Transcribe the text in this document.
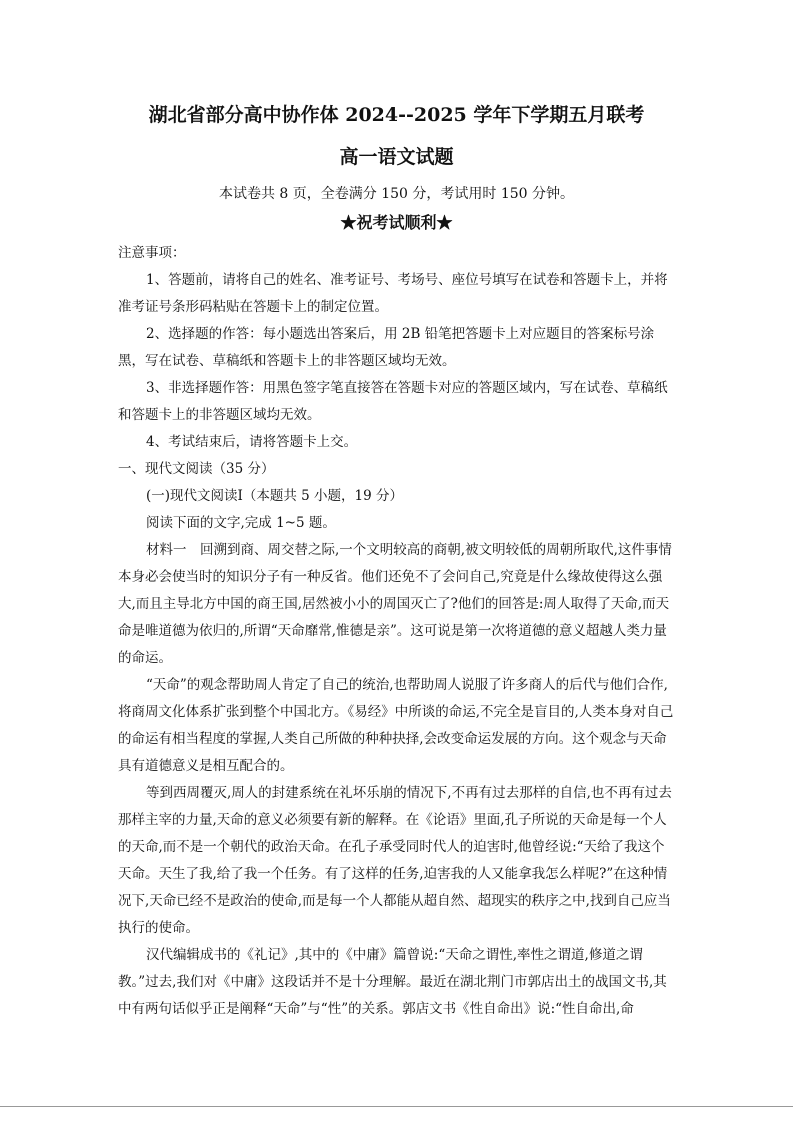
湖北省部分高中协作体 2024--2025 学年下学期五月联考
高一语文试题
本试卷共 8 页，全卷满分 150 分，考试用时 150 分钟。
★祝考试顺利★

注意事项：

1、答题前，请将自己的姓名、准考证号、考场号、座位号填写在试卷和答题卡上，并将准考证号条形码粘贴在答题卡上的制定位置。

2、选择题的作答：每小题选出答案后，用 2B 铅笔把答题卡上对应题目的答案标号涂黑，写在试卷、草稿纸和答题卡上的非答题区域均无效。

3、非选择题作答：用黑色签字笔直接答在答题卡对应的答题区域内，写在试卷、草稿纸和答题卡上的非答题区域均无效。

4、考试结束后，请将答题卡上交。

一、现代文阅读（35 分）

(一)现代文阅读Ⅰ（本题共 5 小题，19 分）

阅读下面的文字,完成 1~5 题。

材料一　回溯到商、周交替之际,一个文明较高的商朝,被文明较低的周朝所取代,这件事情本身必会使当时的知识分子有一种反省。他们还免不了会问自己,究竟是什么缘故使得这么强大,而且主导北方中国的商王国,居然被小小的周国灭亡了?他们的回答是:周人取得了天命,而天命是唯道德为依归的,所谓“天命靡常,惟德是亲”。这可说是第一次将道德的意义超越人类力量的命运。

“天命”的观念帮助周人肯定了自己的统治,也帮助周人说服了许多商人的后代与他们合作,将商周文化体系扩张到整个中国北方。《易经》中所谈的命运,不完全是盲目的,人类本身对自己的命运有相当程度的掌握,人类自己所做的种种抉择,会改变命运发展的方向。这个观念与天命具有道德意义是相互配合的。

等到西周覆灭,周人的封建系统在礼坏乐崩的情况下,不再有过去那样的自信,也不再有过去那样主宰的力量,天命的意义必须要有新的解释。在《论语》里面,孔子所说的天命是每一个人的天命,而不是一个朝代的政治天命。在孔子承受同时代人的迫害时,他曾经说:“天给了我这个天命。天生了我,给了我一个任务。有了这样的任务,迫害我的人又能拿我怎么样呢?”在这种情况下,天命已经不是政治的使命,而是每一个人都能从超自然、超现实的秩序之中,找到自己应当执行的使命。

汉代编辑成书的《礼记》,其中的《中庸》篇曾说:“天命之谓性,率性之谓道,修道之谓教。”过去,我们对《中庸》这段话并不是十分理解。最近在湖北荆门市郭店出土的战国文书,其中有两句话似乎正是阐释“天命”与“性”的关系。郭店文书《性自命出》说:“性自命出,命
